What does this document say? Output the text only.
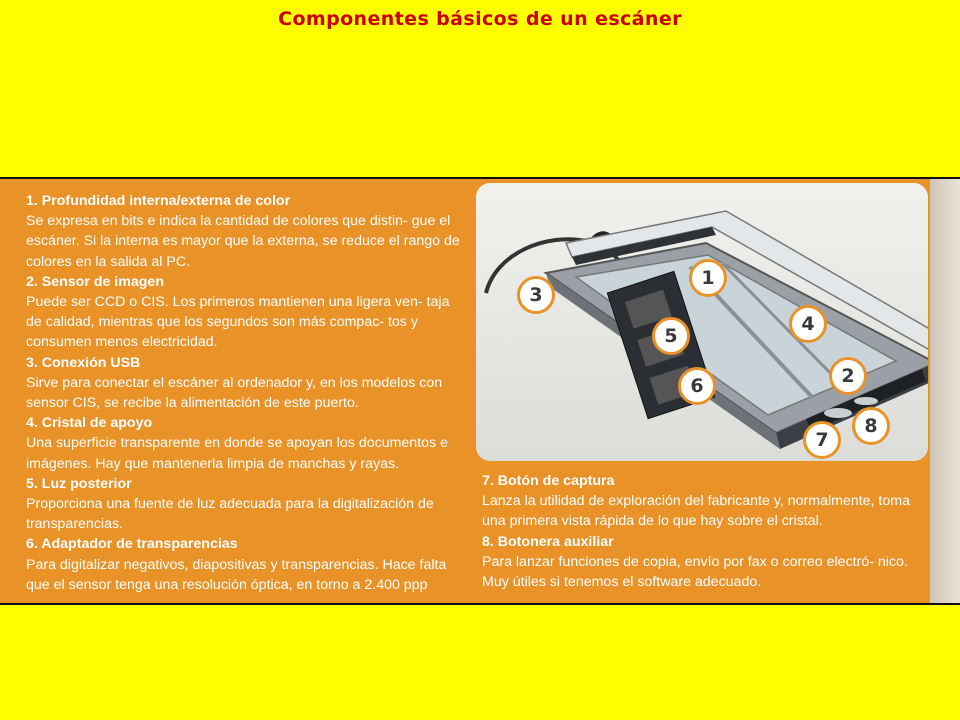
Componentes básicos de un escáner
1. Profundidad interna/externa de color
Se expresa en bits e indica la cantidad de colores que distin- gue el escáner. Si la interna es mayor que la externa, se reduce el rango de colores en la salida al PC.
2. Sensor de imagen
Puede ser CCD o CIS. Los primeros mantienen una ligera ven- taja de calidad, mientras que los segundos son más compac- tos y consumen menos electricidad.
3. Conexión USB
Sirve para conectar el escáner al ordenador y, en los modelos con sensor CIS, se recibe la alimentación de este puerto.
4. Cristal de apoyo
Una superficie transparente en donde se apoyan los documentos e imágenes. Hay que mantenerla limpia de manchas y rayas.
5. Luz posterior
Proporciona una fuente de luz adecuada para la digitalización de transparencias.
6. Adaptador de transparencias
Para digitalizar negativos, diapositivas y transparencias. Hace falta que el sensor tenga una resolución óptica, en torno a 2.400 ppp
1
2
3
4
5
6
7
8
7. Botón de captura
Lanza la utilidad de exploración del fabricante y, normalmente, toma una primera vista rápida de lo que hay sobre el cristal.
8. Botonera auxiliar
Para lanzar funciones de copia, envío por fax o correo electró- nico. Muy útiles si tenemos el software adecuado.
